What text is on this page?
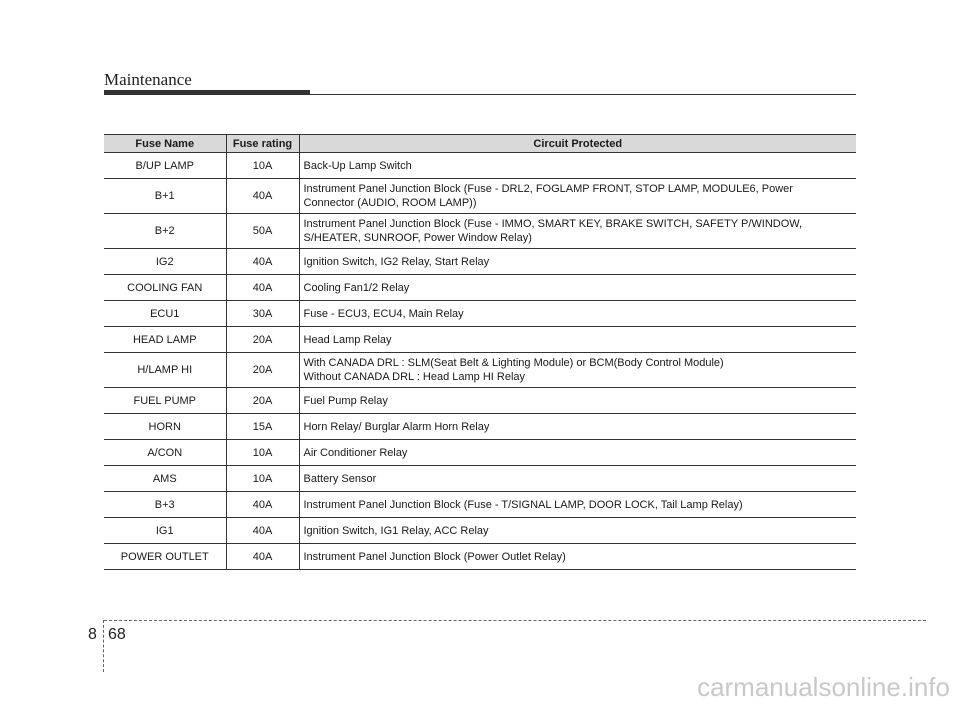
Maintenance
Fuse Name	Fuse rating	Circuit Protected
B/UP LAMP	10A	Back-Up Lamp Switch

B+1	40A	Instrument Panel Junction Block (Fuse - DRL2, FOGLAMP FRONT, STOP LAMP, MODULE6, Power
Connector (AUDIO, ROOM LAMP))

B+2	50A	Instrument Panel Junction Block (Fuse - IMMO, SMART KEY, BRAKE SWITCH, SAFETY P/WINDOW,
S/HEATER, SUNROOF, Power Window Relay)

IG2	40A	Ignition Switch, IG2 Relay, Start Relay

COOLING FAN	40A	Cooling Fan1/2 Relay

ECU1	30A	Fuse - ECU3, ECU4, Main Relay

HEAD LAMP	20A	Head Lamp Relay

H/LAMP HI	20A	With CANADA DRL : SLM(Seat Belt & Lighting Module) or BCM(Body Control Module)
Without CANADA DRL : Head Lamp HI Relay

FUEL PUMP	20A	Fuel Pump Relay

HORN	15A	Horn Relay/ Burglar Alarm Horn Relay

A/CON	10A	Air Conditioner Relay

AMS	10A	Battery Sensor

B+3	40A	Instrument Panel Junction Block (Fuse - T/SIGNAL LAMP, DOOR LOCK, Tail Lamp Relay)

IG1	40A	Ignition Switch, IG1 Relay, ACC Relay

POWER OUTLET	40A	Instrument Panel Junction Block (Power Outlet Relay)
8 68
carmanualsonline.info
